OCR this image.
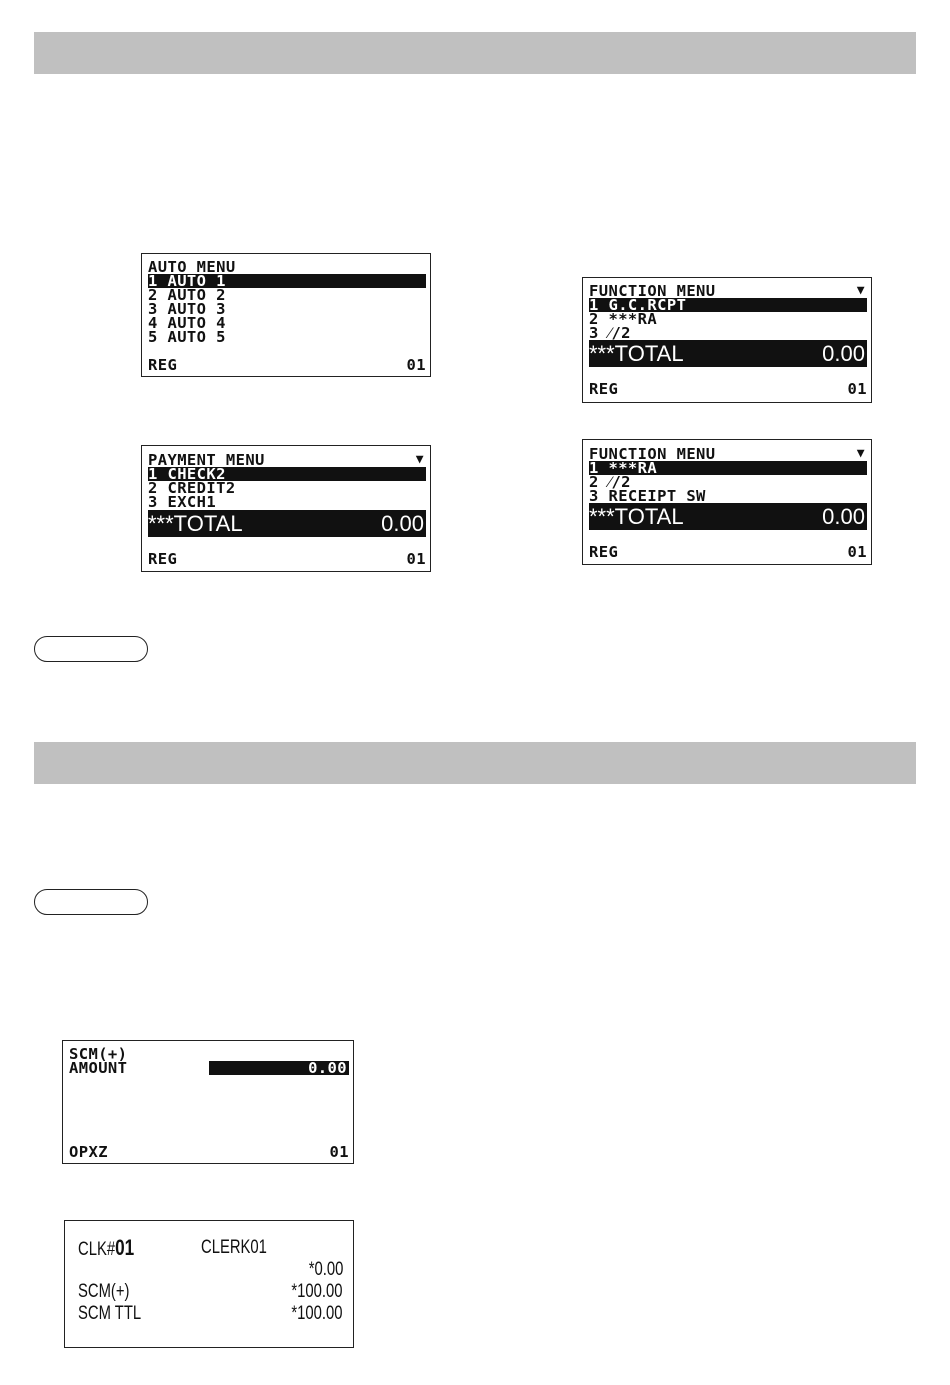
AUTO MENU
1 AUTO 1
2 AUTO 2
3 AUTO 3
4 AUTO 4
5 AUTO 5
REG	01
PAYMENT MENU	▼
1 CHECK2
2 CREDIT2
3 EXCH1
***TOTAL	0.00
REG	01
FUNCTION MENU	▼
1 G.C.RCPT
2 ***RA
3 ⁄/2
***TOTAL	0.00
REG	01
FUNCTION MENU	▼
1 ***RA
2 ⁄/2
3 RECEIPT SW
***TOTAL	0.00
REG	01
SCM(+)
AMOUNT	0.00
OPXZ	01
CLK#01	CLERK01
*0.00
SCM(+)	*100.00
SCM TTL	*100.00
